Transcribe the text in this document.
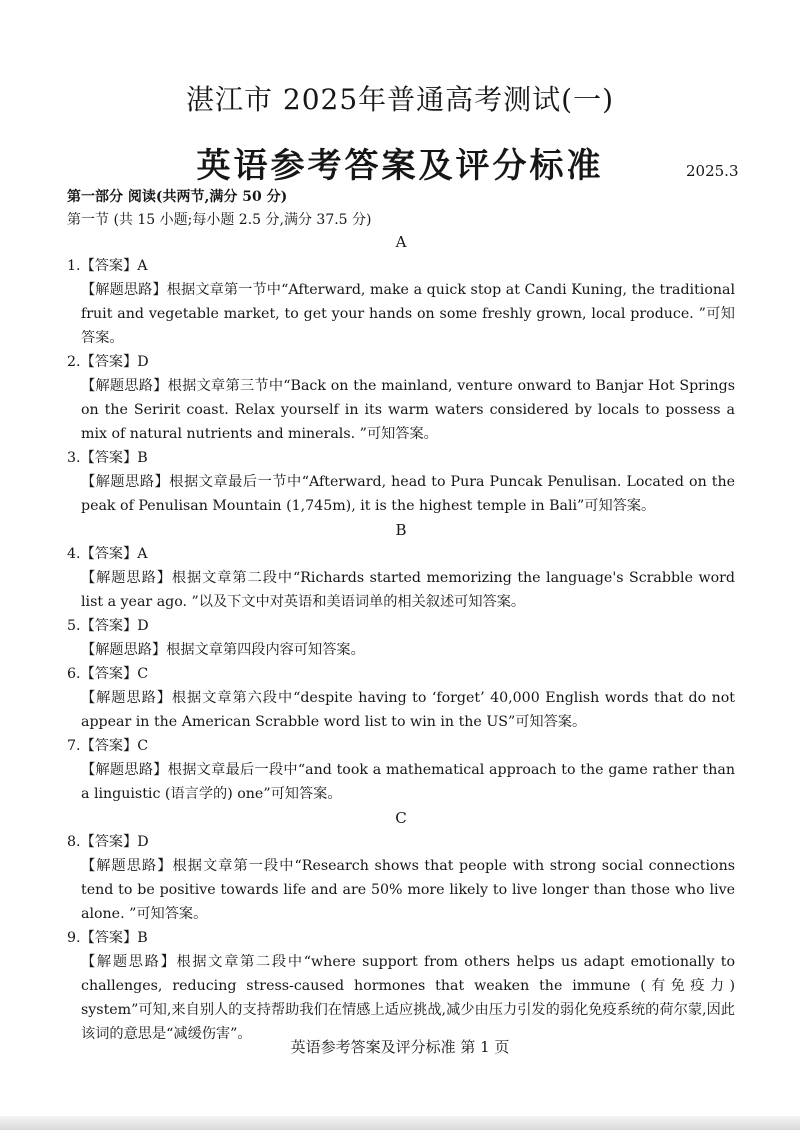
湛江市 2025年普通高考测试(一)
英语参考答案及评分标准	2025.3
第一部分 阅读(共两节,满分 50 分)
第一节 (共 15 小题;每小题 2.5 分,满分 37.5 分)
A
1.【答案】A
【解题思路】根据文章第一节中“Afterward, make a quick stop at Candi Kuning, the traditional fruit and vegetable market, to get your hands on some freshly grown, local produce. ”可知答案。
2.【答案】D
【解题思路】根据文章第三节中“Back on the mainland, venture onward to Banjar Hot Springs on the Seririt coast. Relax yourself in its warm waters considered by locals to possess a mix of natural nutrients and minerals. ”可知答案。
3.【答案】B
【解题思路】根据文章最后一节中“Afterward, head to Pura Puncak Penulisan. Located on the peak of Penulisan Mountain (1,745m), it is the highest temple in Bali”可知答案。
B
4.【答案】A
【解题思路】根据文章第二段中“Richards started memorizing the language's Scrabble word list a year ago. ”以及下文中对英语和美语词单的相关叙述可知答案。
5.【答案】D
【解题思路】根据文章第四段内容可知答案。
6.【答案】C
【解题思路】根据文章第六段中“despite having to ‘forget’ 40,000 English words that do not appear in the American Scrabble word list to win in the US”可知答案。
7.【答案】C
【解题思路】根据文章最后一段中“and took a mathematical approach to the game rather than a linguistic (语言学的) one”可知答案。
C
8.【答案】D
【解题思路】根据文章第一段中“Research shows that people with strong social connections tend to be positive towards life and are 50% more likely to live longer than those who live alone. ”可知答案。
9.【答案】B
【解题思路】根据文章第二段中“where support from others helps us adapt emotionally to challenges, reducing stress-caused hormones that weaken the immune (有免疫力) system”可知,来自别人的支持帮助我们在情感上适应挑战,减少由压力引发的弱化免疫系统的荷尔蒙,因此该词的意思是“减缓伤害”。
英语参考答案及评分标准 第 1 页
